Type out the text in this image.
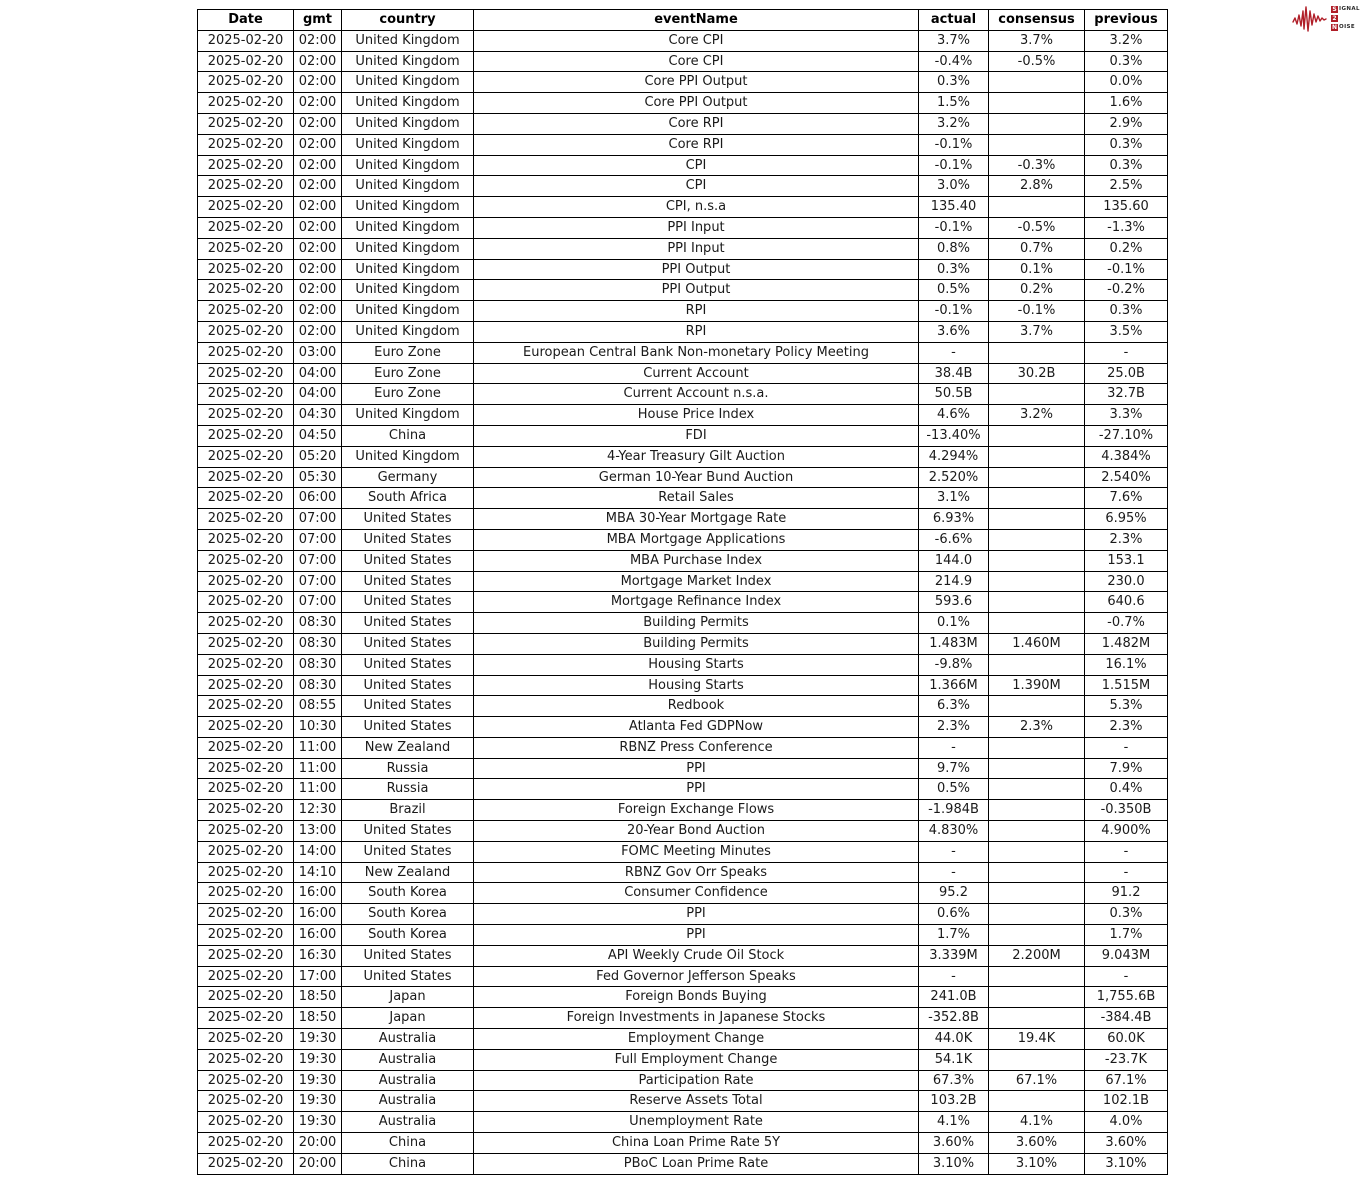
Date	gmt	country	eventName	actual	consensus	previous
2025-02-20	02:00	United Kingdom	Core CPI	3.7%	3.7%	3.2%
2025-02-20	02:00	United Kingdom	Core CPI	-0.4%	-0.5%	0.3%
2025-02-20	02:00	United Kingdom	Core PPI Output	0.3%		0.0%
2025-02-20	02:00	United Kingdom	Core PPI Output	1.5%		1.6%
2025-02-20	02:00	United Kingdom	Core RPI	3.2%		2.9%
2025-02-20	02:00	United Kingdom	Core RPI	-0.1%		0.3%
2025-02-20	02:00	United Kingdom	CPI	-0.1%	-0.3%	0.3%
2025-02-20	02:00	United Kingdom	CPI	3.0%	2.8%	2.5%
2025-02-20	02:00	United Kingdom	CPI, n.s.a	135.40		135.60
2025-02-20	02:00	United Kingdom	PPI Input	-0.1%	-0.5%	-1.3%
2025-02-20	02:00	United Kingdom	PPI Input	0.8%	0.7%	0.2%
2025-02-20	02:00	United Kingdom	PPI Output	0.3%	0.1%	-0.1%
2025-02-20	02:00	United Kingdom	PPI Output	0.5%	0.2%	-0.2%
2025-02-20	02:00	United Kingdom	RPI	-0.1%	-0.1%	0.3%
2025-02-20	02:00	United Kingdom	RPI	3.6%	3.7%	3.5%
2025-02-20	03:00	Euro Zone	European Central Bank Non-monetary Policy Meeting	-		-
2025-02-20	04:00	Euro Zone	Current Account	38.4B	30.2B	25.0B
2025-02-20	04:00	Euro Zone	Current Account n.s.a.	50.5B		32.7B
2025-02-20	04:30	United Kingdom	House Price Index	4.6%	3.2%	3.3%
2025-02-20	04:50	China	FDI	-13.40%		-27.10%
2025-02-20	05:20	United Kingdom	4-Year Treasury Gilt Auction	4.294%		4.384%
2025-02-20	05:30	Germany	German 10-Year Bund Auction	2.520%		2.540%
2025-02-20	06:00	South Africa	Retail Sales	3.1%		7.6%
2025-02-20	07:00	United States	MBA 30-Year Mortgage Rate	6.93%		6.95%
2025-02-20	07:00	United States	MBA Mortgage Applications	-6.6%		2.3%
2025-02-20	07:00	United States	MBA Purchase Index	144.0		153.1
2025-02-20	07:00	United States	Mortgage Market Index	214.9		230.0
2025-02-20	07:00	United States	Mortgage Refinance Index	593.6		640.6
2025-02-20	08:30	United States	Building Permits	0.1%		-0.7%
2025-02-20	08:30	United States	Building Permits	1.483M	1.460M	1.482M
2025-02-20	08:30	United States	Housing Starts	-9.8%		16.1%
2025-02-20	08:30	United States	Housing Starts	1.366M	1.390M	1.515M
2025-02-20	08:55	United States	Redbook	6.3%		5.3%
2025-02-20	10:30	United States	Atlanta Fed GDPNow	2.3%	2.3%	2.3%
2025-02-20	11:00	New Zealand	RBNZ Press Conference	-		-
2025-02-20	11:00	Russia	PPI	9.7%		7.9%
2025-02-20	11:00	Russia	PPI	0.5%		0.4%
2025-02-20	12:30	Brazil	Foreign Exchange Flows	-1.984B		-0.350B
2025-02-20	13:00	United States	20-Year Bond Auction	4.830%		4.900%
2025-02-20	14:00	United States	FOMC Meeting Minutes	-		-
2025-02-20	14:10	New Zealand	RBNZ Gov Orr Speaks	-		-
2025-02-20	16:00	South Korea	Consumer Confidence	95.2		91.2
2025-02-20	16:00	South Korea	PPI	0.6%		0.3%
2025-02-20	16:00	South Korea	PPI	1.7%		1.7%
2025-02-20	16:30	United States	API Weekly Crude Oil Stock	3.339M	2.200M	9.043M
2025-02-20	17:00	United States	Fed Governor Jefferson Speaks	-		-
2025-02-20	18:50	Japan	Foreign Bonds Buying	241.0B		1,755.6B
2025-02-20	18:50	Japan	Foreign Investments in Japanese Stocks	-352.8B		-384.4B
2025-02-20	19:30	Australia	Employment Change	44.0K	19.4K	60.0K
2025-02-20	19:30	Australia	Full Employment Change	54.1K		-23.7K
2025-02-20	19:30	Australia	Participation Rate	67.3%	67.1%	67.1%
2025-02-20	19:30	Australia	Reserve Assets Total	103.2B		102.1B
2025-02-20	19:30	Australia	Unemployment Rate	4.1%	4.1%	4.0%
2025-02-20	20:00	China	China Loan Prime Rate 5Y	3.60%	3.60%	3.60%
2025-02-20	20:00	China	PBoC Loan Prime Rate	3.10%	3.10%	3.10%
S IGNAL
2
N OISE
